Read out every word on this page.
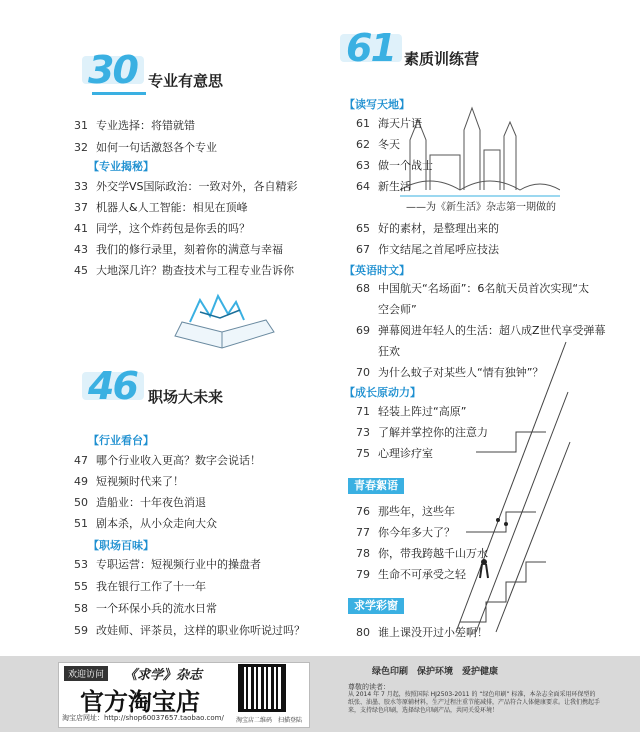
30 专业有意思
31 专业选择：将错就错
32 如何一句话激怒各个专业
【 专业揭秘 】
33 外交学VS国际政治：一致对外，各自精彩
37 机器人&人工智能：相见在顶峰
41 同学，这个炸药包是你丢的吗？
43 我们的修行录里，刻着你的满意与幸福
45 大地深几许？勘查技术与工程专业告诉你
【 行业看台 】
47 哪个行业收入更高？数字会说话！
49 短视频时代来了！
50 造船业：十年夜色消退
51 剧本杀，从小众走向大众
【 职场百味 】
53 专职运营：短视频行业中的操盘者
55 我在银行工作了十一年
58 一个环保小兵的流水日常
59 改娃师、评茶员，这样的职业你听说过吗？
46 职场大未来
61 素质训练营
【 读写天地 】
61 海天片语
62 冬天
63 做一个战士
64 新生活
——为《新生活》杂志第一期做的
65 好的素材，是整理出来的
67 作文结尾之首尾呼应技法
【 英语时文 】
68 中国航天“名场面”：6名航天员首次实现“太
空会师”
69 弹幕阅进年轻人的生活：超八成Z世代享受弹幕
狂欢
70 为什么蚊子对某些人“情有独钟”？
【 成长原动力 】
71 轻装上阵过“高原”
73 了解并掌控你的注意力
75 心理诊疗室
青春絮语
76 那些年，这些年
77 你今年多大了？
78 你，带我跨越千山万水
79 生命不可承受之轻
求学彩窗
80 谁上课没开过小差啊！
欢迎访问	《求学》杂志
官方淘宝店
淘宝店网址：http://shop60037657.taobao.com/ 淘宝店二维码　扫描登陆
绿色印刷　保护环境　爱护健康
尊敬的读者：
从 2014 年 7 月起，按照国际 HJ2503-2011 的 “绿色印刷” 标准，本杂志全面采用环保型的纸张、油墨、胶水等原辅材料，生产过程注重节能减排，产品符合人体健康要求。让我们携起手来，支持绿色印刷，选择绿色印刷产品，共同关爱环境！
